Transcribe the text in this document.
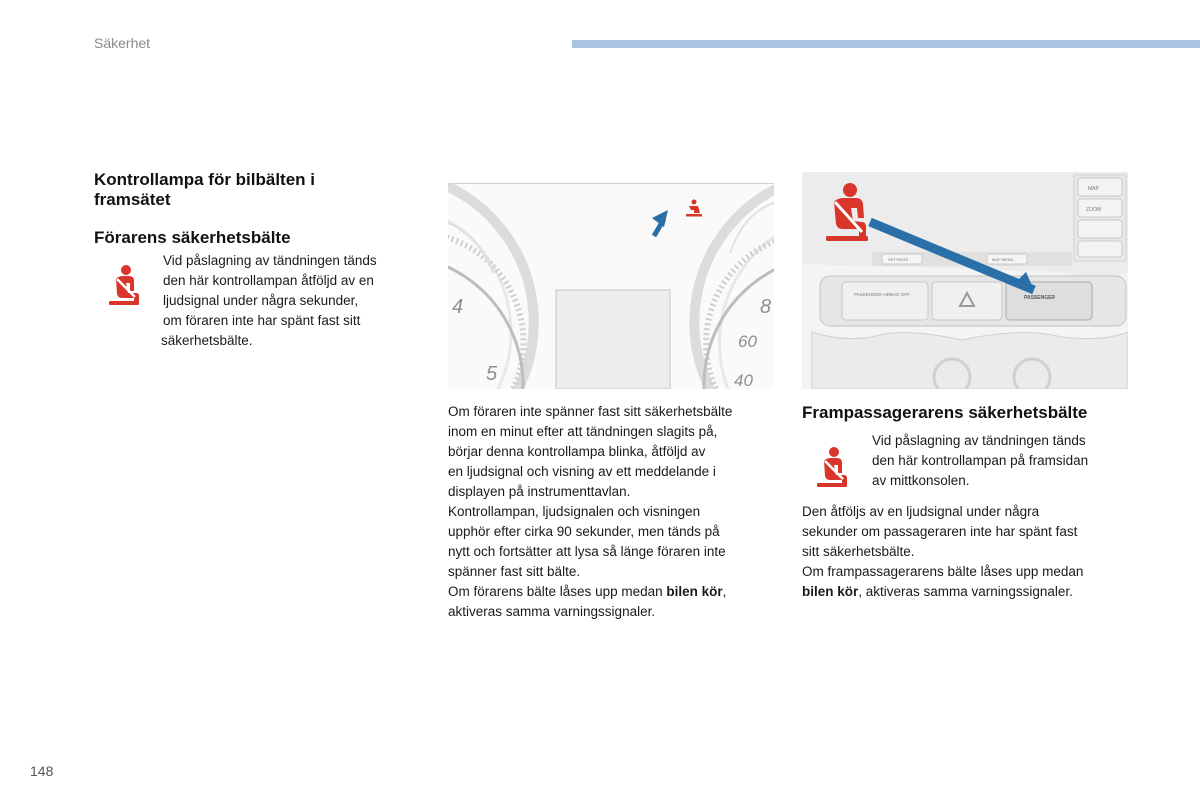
Säkerhet
Kontrollampa för bilbälten i framsätet
Förarens säkerhetsbälte

Vid påslagning av tändningen tänds

den här kontrollampan åtföljd av en

ljudsignal under några sekunder,

om föraren inte har spänt fast sitt

säkerhetsbälte.

4
5
8
60
40
MAP
ZOOM
SETTINGS	MAP MENU
PASSENGER AIRBAG OFF
PASSENGER

Om föraren inte spänner fast sitt säkerhetsbälte

inom en minut efter att tändningen slagits på,

börjar denna kontrollampa blinka, åtföljd av

en ljudsignal och visning av ett meddelande i

displayen på instrumenttavlan.

Kontrollampan, ljudsignalen och visningen

upphör efter cirka 90 sekunder, men tänds på

nytt och fortsätter att lysa så länge föraren inte

spänner fast sitt bälte.

Om förarens bälte låses upp medan bilen kör,

aktiveras samma varningssignaler.

Frampassagerarens säkerhetsbälte

Vid påslagning av tändningen tänds

den här kontrollampan på framsidan

av mittkonsolen.

Den åtföljs av en ljudsignal under några

sekunder om passageraren inte har spänt fast

sitt säkerhetsbälte.

Om frampassagerarens bälte låses upp medan

bilen kör, aktiveras samma varningssignaler.

148
